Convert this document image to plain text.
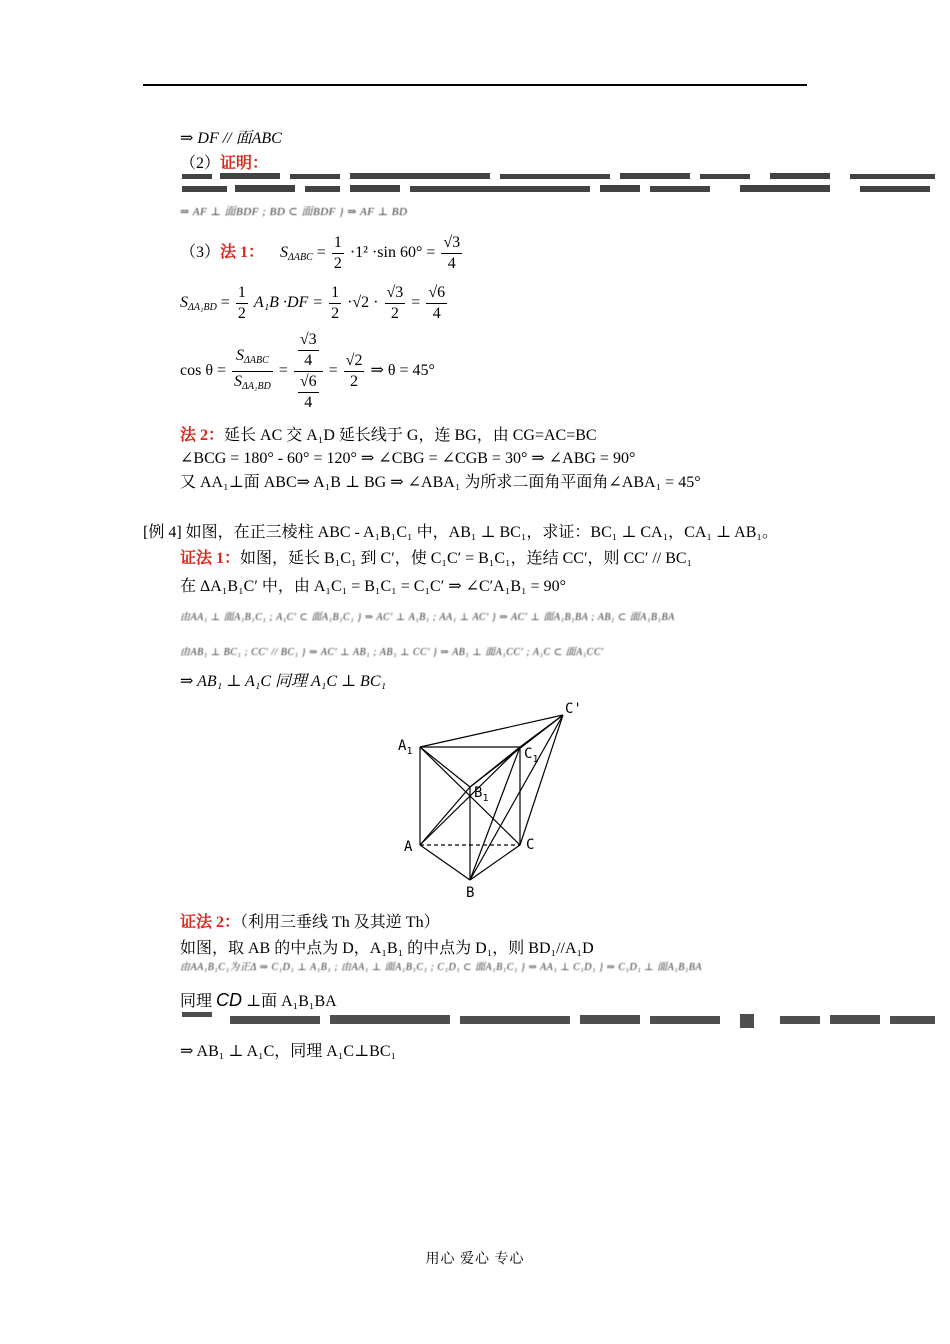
⇒ DF // 面ABC
（2）证明：
⇒ AF ⊥ 面BDF ; BD ⊂ 面BDF } ⇒ AF ⊥ BD
（3）法 1： $S_{\Delta ABC} = \frac{1}{2} \cdot 1^2 \cdot\sin$ $60^\circ = \frac{√3}{4}$
$S_{\Delta A_1BD} = \frac{1}{2} A_1B \cdot DF = \frac{1}{2} \cdot√2 \cdot \frac{√3}{2} = \frac{√6}{4}$
$\cos \theta = \frac{S_{\Delta ABC}}{S_{\Delta A_1BD}} = \frac{\frac{√3}{4}}{\frac{√6}{4}} = \frac{√2}{2}$ ⇒ θ = 45°
法 2：延长 AC 交 A₁D 延长线于 G，连 BG，由 CG=AC=BC
∠BCG = 180° - 60° = 120° ⇒ ∠CBG = ∠CGB = 30° ⇒ ∠ABG = 90°
又 AA₁⊥面 ABC⇒ A₁B ⊥ BG ⇒ ∠ABA₁ 为所求二面角平面角∠ABA₁ = 45°
[例 4] 如图，在正三棱柱 ABC - A₁B₁C₁ 中，AB₁ ⊥ BC₁，求证：BC₁ ⊥ CA₁，CA₁ ⊥ AB₁。
证法 1：如图，延长 B₁C₁ 到 C′，使 C₁C′ = B₁C₁，连结 CC′，则 CC′ // BC₁
在 ΔA₁B₁C′ 中，由 A₁C₁ = B₁C₁ = C₁C′ ⇒ ∠C′A₁B₁ = 90°
由AA₁ ⊥ 面A₁B₁C₁ ; A₁C′ ⊂ 面A₁B₁C₁ } ⇒ AC′ ⊥ A₁B₁ ; AA₁ ⊥ AC′ } ⇒ AC′ ⊥ 面A₁B₁BA ; AB₁ ⊂ 面A₁B₁BA
由AB₁ ⊥ BC₁ ; CC′ // BC₁ } ⇒ AC′ ⊥ AB₁ ; AB₁ ⊥ CC′ } ⇒ AB₁ ⊥ 面A₁CC′ ; A₁C ⊂ 面A₁CC′
⇒ AB₁ ⊥ A₁C 同理 A₁C ⊥ BC₁
C'
$A_1$	$C_1$
$B_1$
A	C
B
证法 2：（利用三垂线 Th 及其逆 Th）
如图，取 AB 的中点为 D，A₁B₁ 的中点为 D₁，则 BD₁//A₁D
由AA₁B₁C₁为正Δ ⇒ C₁D₁ ⊥ A₁B₁ ; 由AA₁ ⊥ 面A₁B₁C₁ ; C₁D₁ ⊂ 面A₁B₁C₁ } ⇒ AA₁ ⊥ C₁D₁ } ⇒ C₁D₁ ⊥ 面A₁B₁BA
同理 CD ⊥面 A₁B₁BA
⇒ AB₁ ⊥ A₁C，同理 A₁C⊥BC₁
用心 爱心 专心
